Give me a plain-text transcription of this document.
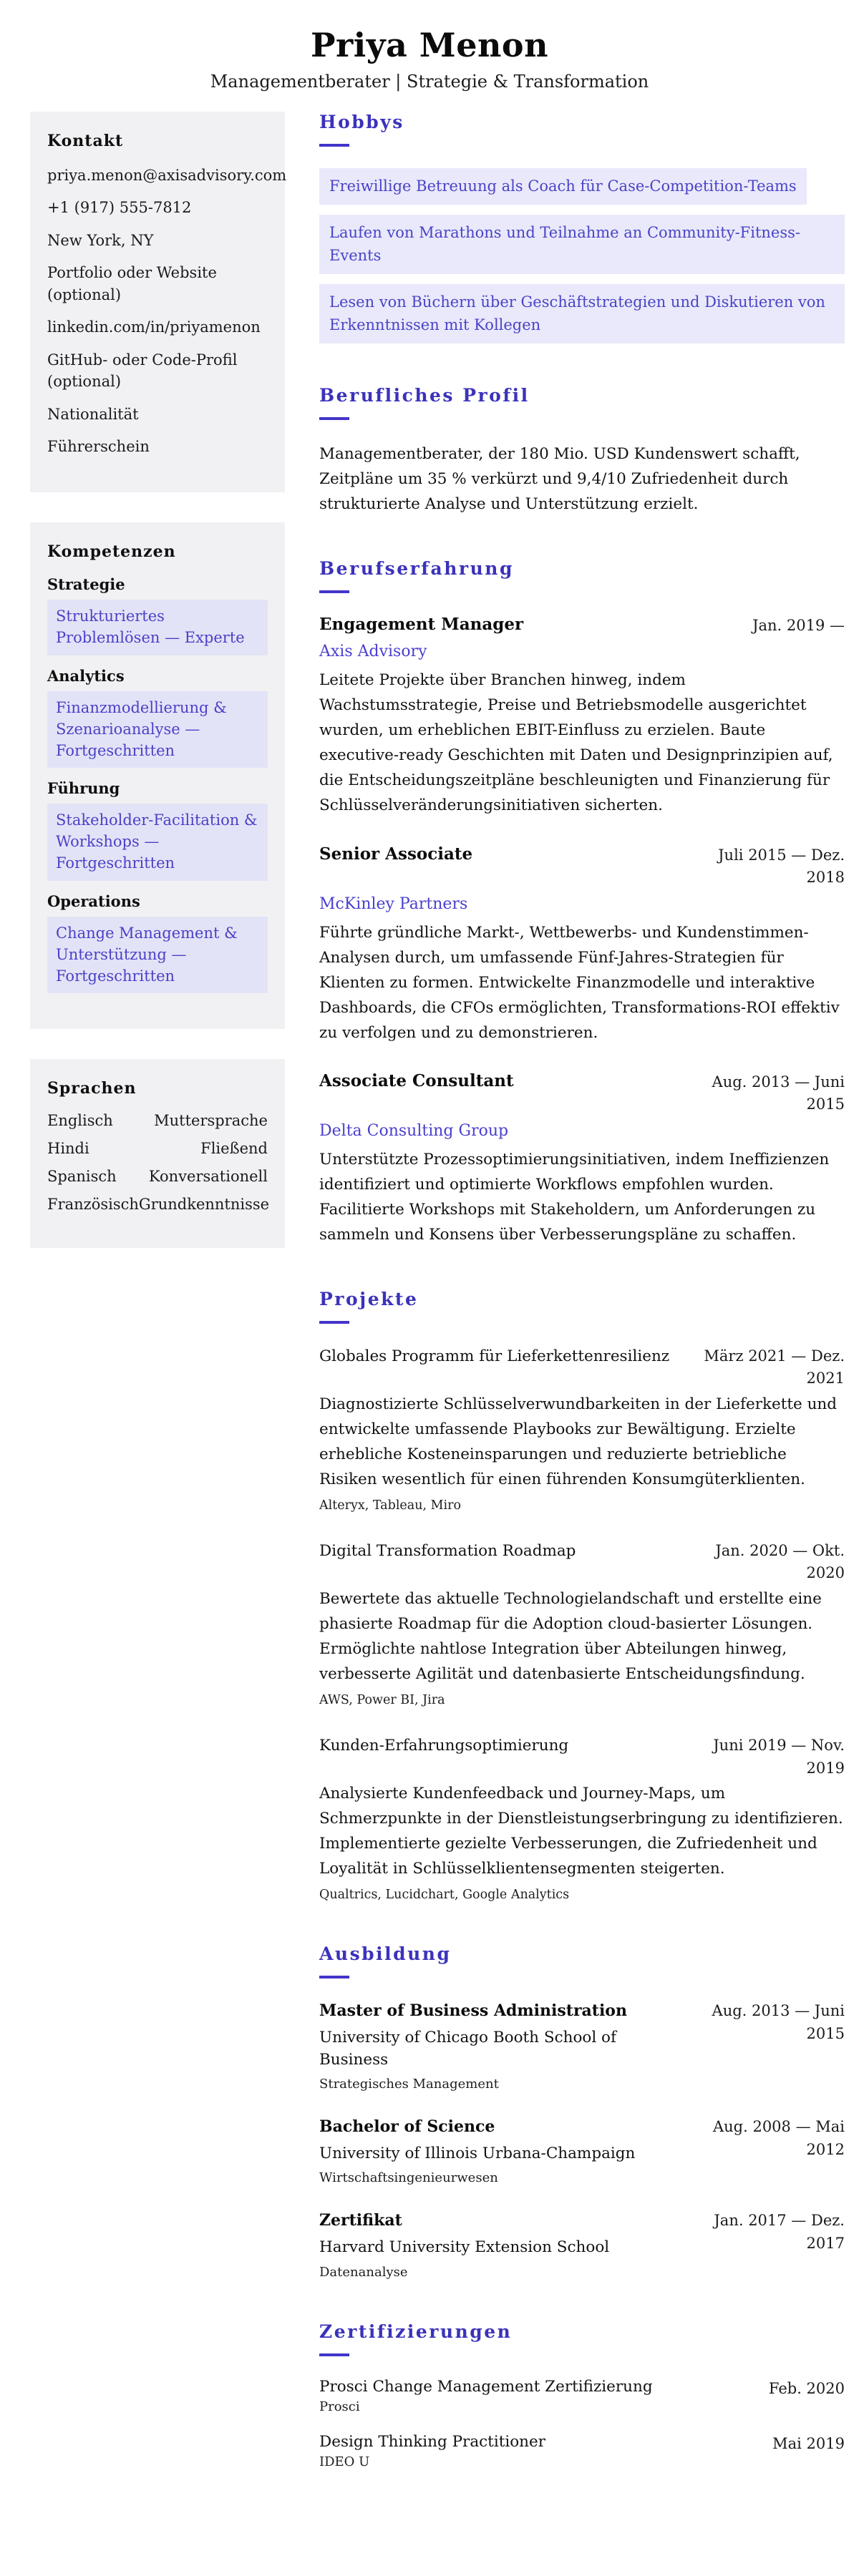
Priya Menon
Managementberater | Strategie & Transformation
Kontakt
priya.menon@axisadvisory.com
+1 (917) 555-7812
New York, NY
Portfolio oder Website (optional)
linkedin.com/in/priyamenon
GitHub- oder Code-Profil (optional)
Nationalität
Führerschein
Kompetenzen
Strategie
Strukturiertes Problemlösen — Experte
Analytics
Finanzmodellierung & Szenarioanalyse — Fortgeschritten
Führung
Stakeholder-Facilitation & Workshops — Fortgeschritten
Operations
Change Management & Unterstützung — Fortgeschritten
Sprachen
Englisch	Muttersprache
Hindi	Fließend
Spanisch Konversationell
Französisch Grundkenntnisse
Hobbys
Freiwillige Betreuung als Coach für Case-Competition-Teams
Laufen von Marathons und Teilnahme an Community-Fitness-Events
Lesen von Büchern über Geschäftstrategien und Diskutieren von Erkenntnissen mit Kollegen
Berufliches Profil
Managementberater, der 180 Mio. USD Kundenswert schafft, Zeitpläne um 35 % verkürzt und 9,4/10 Zufriedenheit durch strukturierte Analyse und Unterstützung erzielt.
Berufserfahrung
Engagement Manager	Jan. 2019 —
Axis Advisory
Leitete Projekte über Branchen hinweg, indem Wachstumsstrategie, Preise und Betriebsmodelle ausgerichtet wurden, um erheblichen EBIT-Einfluss zu erzielen. Baute executive-ready Geschichten mit Daten und Designprinzipien auf, die Entscheidungszeitpläne beschleunigten und Finanzierung für Schlüsselveränderungsinitiativen sicherten.
Senior Associate	Juli 2015 — Dez. 2018
McKinley Partners
Führte gründliche Markt-, Wettbewerbs- und Kundenstimmen-Analysen durch, um umfassende Fünf-Jahres-Strategien für Klienten zu formen. Entwickelte Finanzmodelle und interaktive Dashboards, die CFOs ermöglichten, Transformations-ROI effektiv zu verfolgen und zu demonstrieren.
Associate Consultant	Aug. 2013 — Juni 2015
Delta Consulting Group
Unterstützte Prozessoptimierungsinitiativen, indem Ineffizienzen identifiziert und optimierte Workflows empfohlen wurden. Facilitierte Workshops mit Stakeholdern, um Anforderungen zu sammeln und Konsens über Verbesserungspläne zu schaffen.
Projekte
Globales Programm für Lieferkettenresilienz	März 2021 — Dez. 2021
Diagnostizierte Schlüsselverwundbarkeiten in der Lieferkette und entwickelte umfassende Playbooks zur Bewältigung. Erzielte erhebliche Kosteneinsparungen und reduzierte betriebliche Risiken wesentlich für einen führenden Konsumgüterklienten.
Alteryx, Tableau, Miro
Digital Transformation Roadmap	Jan. 2020 — Okt. 2020
Bewertete das aktuelle Technologielandschaft und erstellte eine phasierte Roadmap für die Adoption cloud-basierter Lösungen. Ermöglichte nahtlose Integration über Abteilungen hinweg, verbesserte Agilität und datenbasierte Entscheidungsfindung.
AWS, Power BI, Jira
Kunden-Erfahrungsoptimierung	Juni 2019 — Nov. 2019
Analysierte Kundenfeedback und Journey-Maps, um Schmerzpunkte in der Dienstleistungserbringung zu identifizieren. Implementierte gezielte Verbesserungen, die Zufriedenheit und Loyalität in Schlüsselklientensegmenten steigerten.
Qualtrics, Lucidchart, Google Analytics
Ausbildung
Master of Business Administration
University of Chicago Booth School of Business
Strategisches Management
Aug. 2013 — Juni 2015
Bachelor of Science
University of Illinois Urbana-Champaign
Wirtschaftsingenieurwesen
Aug. 2008 — Mai 2012
Zertifikat
Harvard University Extension School
Datenanalyse
Jan. 2017 — Dez. 2017
Zertifizierungen
Prosci Change Management Zertifizierung
Prosci
Feb. 2020
Design Thinking Practitioner
IDEO U
Mai 2019
